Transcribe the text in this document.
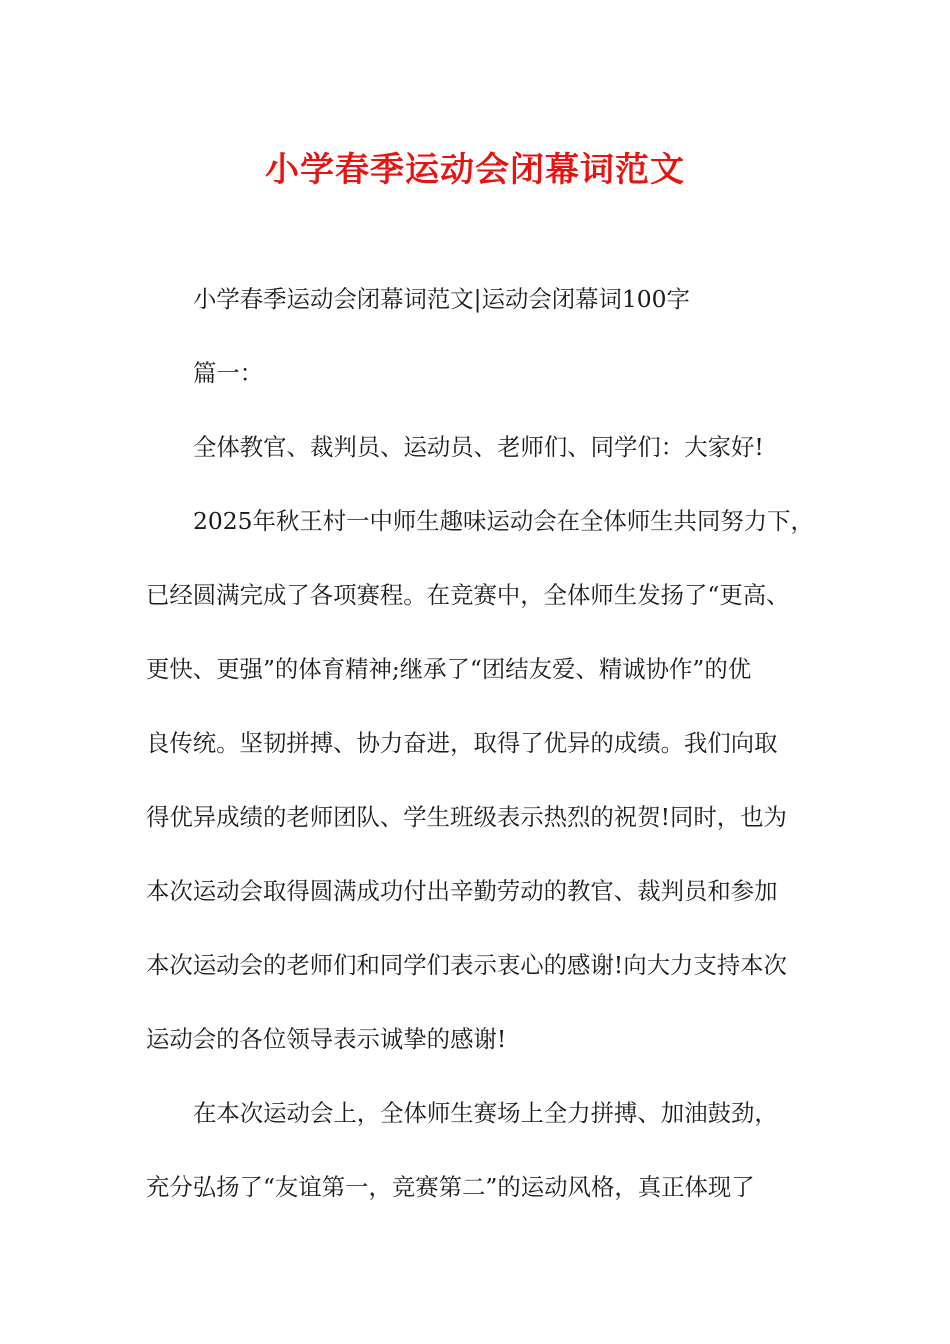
小学春季运动会闭幕词范文
小学春季运动会闭幕词范文|运动会闭幕词100字
篇一：
全体教官、裁判员、运动员、老师们、同学们：大家好!
2025年秋王村一中师生趣味运动会在全体师生共同努力下，
已经圆满完成了各项赛程。在竞赛中，全体师生发扬了“更高、
更快、更强”的体育精神;继承了“团结友爱、精诚协作”的优
良传统。坚韧拼搏、协力奋进，取得了优异的成绩。我们向取
得优异成绩的老师团队、学生班级表示热烈的祝贺!同时，也为
本次运动会取得圆满成功付出辛勤劳动的教官、裁判员和参加
本次运动会的老师们和同学们表示衷心的感谢!向大力支持本次
运动会的各位领导表示诚挚的感谢!
在本次运动会上，全体师生赛场上全力拼搏、加油鼓劲，
充分弘扬了“友谊第一，竞赛第二”的运动风格，真正体现了
